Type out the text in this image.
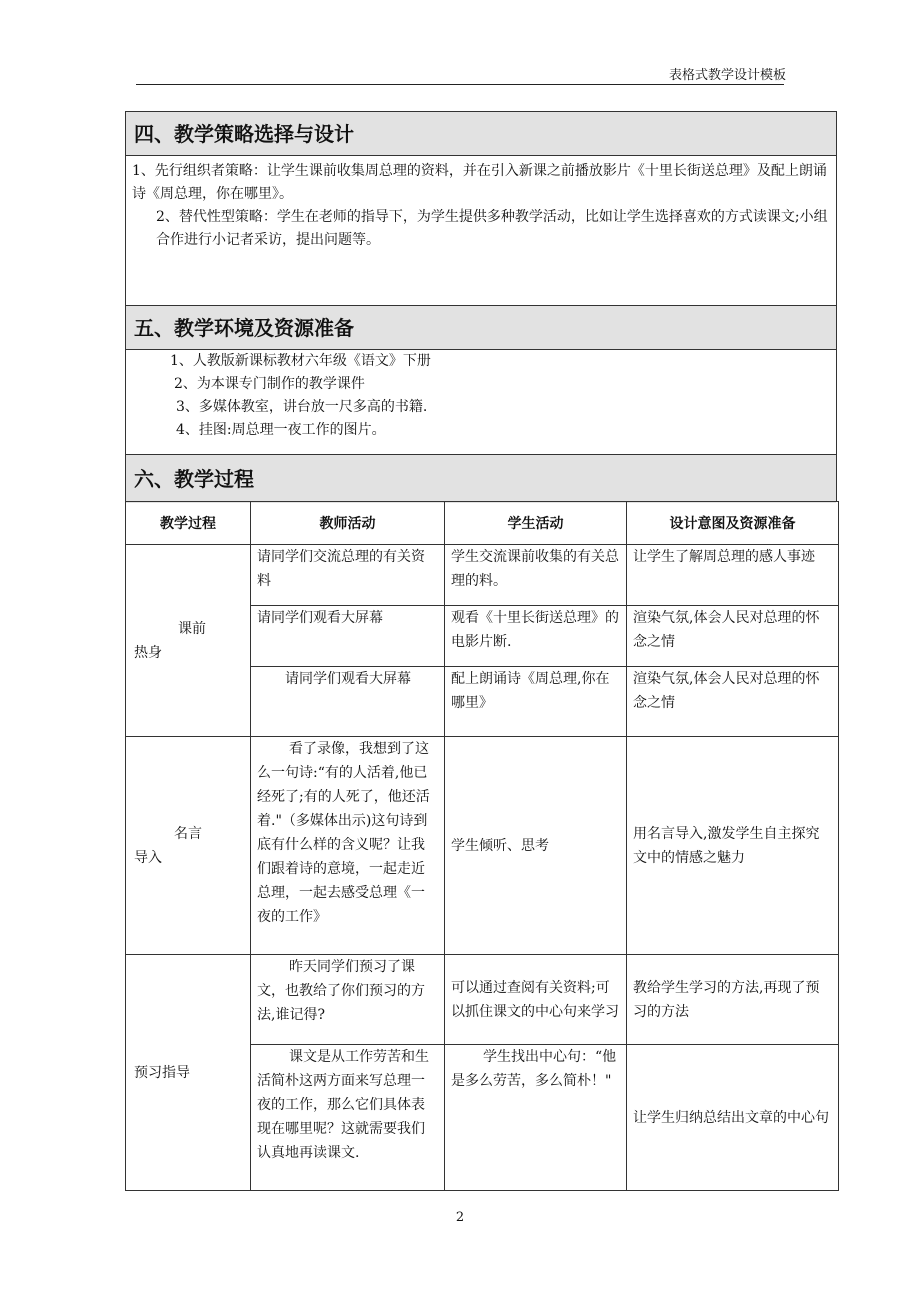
表格式教学设计模板
四、教学策略选择与设计
1、先行组织者策略：让学生课前收集周总理的资料，并在引入新课之前播放影片《十里长街送总理》及配上朗诵诗《周总理，你在哪里》。
2、替代性型策略：学生在老师的指导下，为学生提供多种教学活动，比如让学生选择喜欢的方式读课文;小组合作进行小记者采访，提出问题等。
五、教学环境及资源准备
1、人教版新课标教材六年级《语文》下册
2、为本课专门制作的教学课件
3、多媒体教室，讲台放一尺多高的书籍.
4、挂图:周总理一夜工作的图片。
六、教学过程
教学过程	教师活动	学生活动	设计意图及资源准备

课前
热身	请同学们交流总理的有关资料	学生交流课前收集的有关总理的料。	让学生了解周总理的感人事迹
	请同学们观看大屏幕	观看《十里长街送总理》的电影片断.	渲染气氛,体会人民对总理的怀念之情
	请同学们观看大屏幕	配上朗诵诗《周总理,你在哪里》	渲染气氛,体会人民对总理的怀念之情

名言
导入	看了录像，我想到了这么一句诗:“有的人活着,他已经死了;有的人死了，他还活着."（多媒体出示)这句诗到底有什么样的含义呢？让我们跟着诗的意境，一起走近总理，一起去感受总理《一夜的工作》	学生倾听、思考	用名言导入,激发学生自主探究文中的情感之魅力
预习指导	昨天同学们预习了课文，也教给了你们预习的方法,谁记得?	可以通过查阅有关资料;可以抓住课文的中心句来学习	教给学生学习的方法,再现了预习的方法
	课文是从工作劳苦和生活简朴这两方面来写总理一夜的工作，那么它们具体表现在哪里呢？这就需要我们认真地再读课文.	学生找出中心句：“他是多么劳苦，多么简朴！"	让学生归纳总结出文章的中心句
2
